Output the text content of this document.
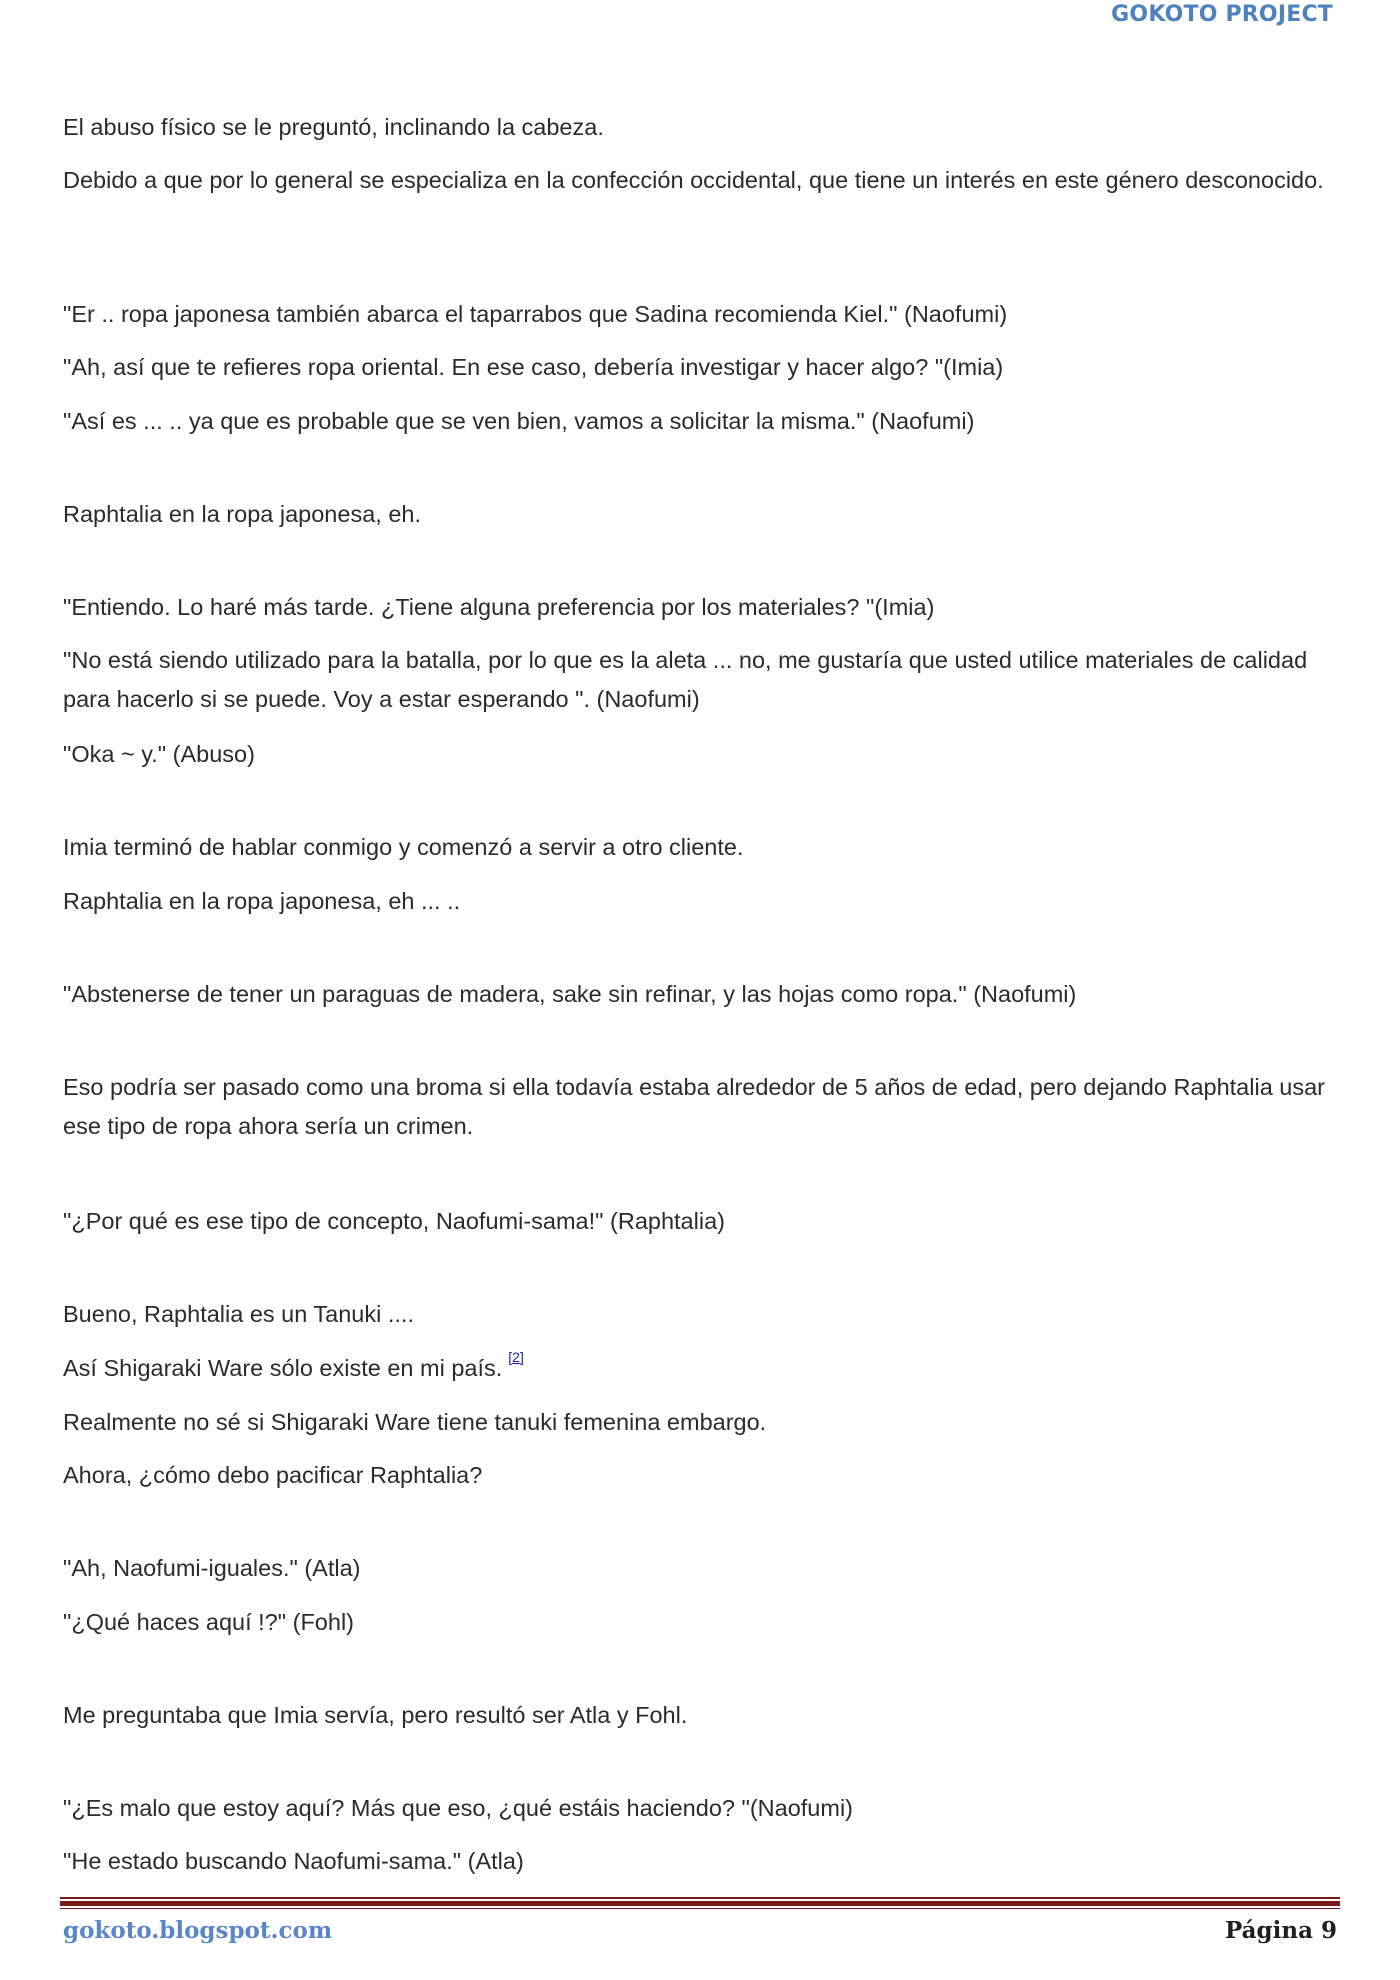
GOKOTO PROJECT
El abuso físico se le preguntó, inclinando la cabeza.
Debido a que por lo general se especializa en la confección occidental, que tiene un interés en este género desconocido.
"Er .. ropa japonesa también abarca el taparrabos que Sadina recomienda Kiel." (Naofumi)
"Ah, así que te refieres ropa oriental. En ese caso, debería investigar y hacer algo? "(Imia)
"Así es ... .. ya que es probable que se ven bien, vamos a solicitar la misma." (Naofumi)
Raphtalia en la ropa japonesa, eh.
"Entiendo. Lo haré más tarde. ¿Tiene alguna preferencia por los materiales? "(Imia)
"No está siendo utilizado para la batalla, por lo que es la aleta ... no, me gustaría que usted utilice materiales de calidad para hacerlo si se puede. Voy a estar esperando ". (Naofumi)
"Oka ~ y." (Abuso)
Imia terminó de hablar conmigo y comenzó a servir a otro cliente.
Raphtalia en la ropa japonesa, eh ... ..
"Abstenerse de tener un paraguas de madera, sake sin refinar, y las hojas como ropa." (Naofumi)
Eso podría ser pasado como una broma si ella todavía estaba alrededor de 5 años de edad, pero dejando Raphtalia usar ese tipo de ropa ahora sería un crimen.
"¿Por qué es ese tipo de concepto, Naofumi-sama!" (Raphtalia)
Bueno, Raphtalia es un Tanuki ....
Así Shigaraki Ware sólo existe en mi país. [2]
Realmente no sé si Shigaraki Ware tiene tanuki femenina embargo.
Ahora, ¿cómo debo pacificar Raphtalia?
"Ah, Naofumi-iguales." (Atla)
"¿Qué haces aquí !?" (Fohl)
Me preguntaba que Imia servía, pero resultó ser Atla y Fohl.
"¿Es malo que estoy aquí? Más que eso, ¿qué estáis haciendo? "(Naofumi)
"He estado buscando Naofumi-sama." (Atla)
gokoto.blogspot.com	Página 9
